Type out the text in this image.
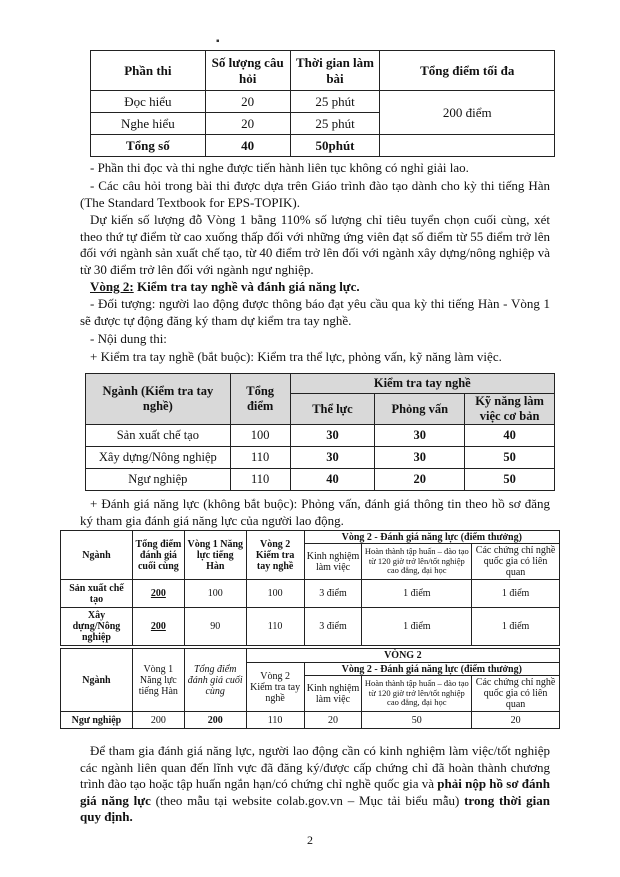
▪
Phần thi	Số lượng câu hỏi	Thời gian làm bài	Tổng điểm tối đa
Đọc hiểu	20	25 phút	200 điểm
Nghe hiểu	20	25 phút	
Tổng số	40	50phút	

- Phần thi đọc và thi nghe được tiến hành liên tục không có nghỉ giải lao.

- Các câu hỏi trong bài thi được dựa trên Giáo trình đào tạo dành cho kỳ thi tiếng Hàn (The Standard Textbook for EPS-TOPIK).

Dự kiến số lượng đỗ Vòng 1 bằng 110% số lượng chỉ tiêu tuyển chọn cuối cùng, xét theo thứ tự điểm từ cao xuống thấp đối với những ứng viên đạt số điểm từ 55 điểm trở lên đối với ngành sản xuất chế tạo, từ 40 điểm trở lên đối với ngành xây dựng/nông nghiệp và từ 30 điểm trở lên đối với ngành ngư nghiệp.

Vòng 2: Kiểm tra tay nghề và đánh giá năng lực.

- Đối tượng: người lao động được thông báo đạt yêu cầu qua kỳ thi tiếng Hàn - Vòng 1 sẽ được tự động đăng ký tham dự kiểm tra tay nghề.

- Nội dung thi:

+ Kiểm tra tay nghề (bắt buộc): Kiểm tra thể lực, phỏng vấn, kỹ năng làm việc.

Ngành (Kiểm tra tay nghề)	Tổng điểm	Kiểm tra tay nghề		
		Thể lực	Phỏng vấn	Kỹ năng làm việc cơ bản
Sản xuất chế tạo	100	30	30	40
Xây dựng/Nông nghiệp	110	30	30	50
Ngư nghiệp	110	40	20	50

+ Đánh giá năng lực (không bắt buộc): Phỏng vấn, đánh giá thông tin theo hồ sơ đăng ký tham gia đánh giá năng lực của người lao động.

Ngành	Tổng điểm đánh giá cuối cùng	Vòng 1 Năng lực tiếng Hàn	Vòng 2 Kiểm tra tay nghề	Vòng 2 - Đánh giá năng lực (điểm thưởng)		
				Kinh nghiệm làm việc	Hoàn thành tập huấn – đào tạo từ 120 giờ trở lên/tốt nghiệp cao đẳng, đại học	Các chứng chỉ nghề quốc gia có liên quan
Sản xuất chế tạo	200	100	100	3 điểm	1 điểm	1 điểm
Xây dựng/Nông nghiệp	200	90	110	3 điểm	1 điểm	1 điểm
Ngành	Vòng 1 Năng lực tiếng Hàn	Tổng điểm đánh giá cuối cùng	VÒNG 2			
			Vòng 2 Kiểm tra tay nghề	Vòng 2 - Đánh giá năng lực (điểm thưởng)		
				Kinh nghiệm làm việc	Hoàn thành tập huấn – đào tạo từ 120 giờ trở lên/tốt nghiệp cao đẳng, đại học	Các chứng chỉ nghề quốc gia có liên quan
Ngư nghiệp	200	200	110	20	50	20

Để tham gia đánh giá năng lực, người lao động cần có kinh nghiệm làm việc/tốt nghiệp các ngành liên quan đến lĩnh vực đã đăng ký/được cấp chứng chỉ đã hoàn thành chương trình đào tạo hoặc tập huấn ngắn hạn/có chứng chỉ nghề quốc gia và phải nộp hồ sơ đánh giá năng lực (theo mẫu tại website colab.gov.vn – Mục tải biểu mẫu) trong thời gian quy định.

2
